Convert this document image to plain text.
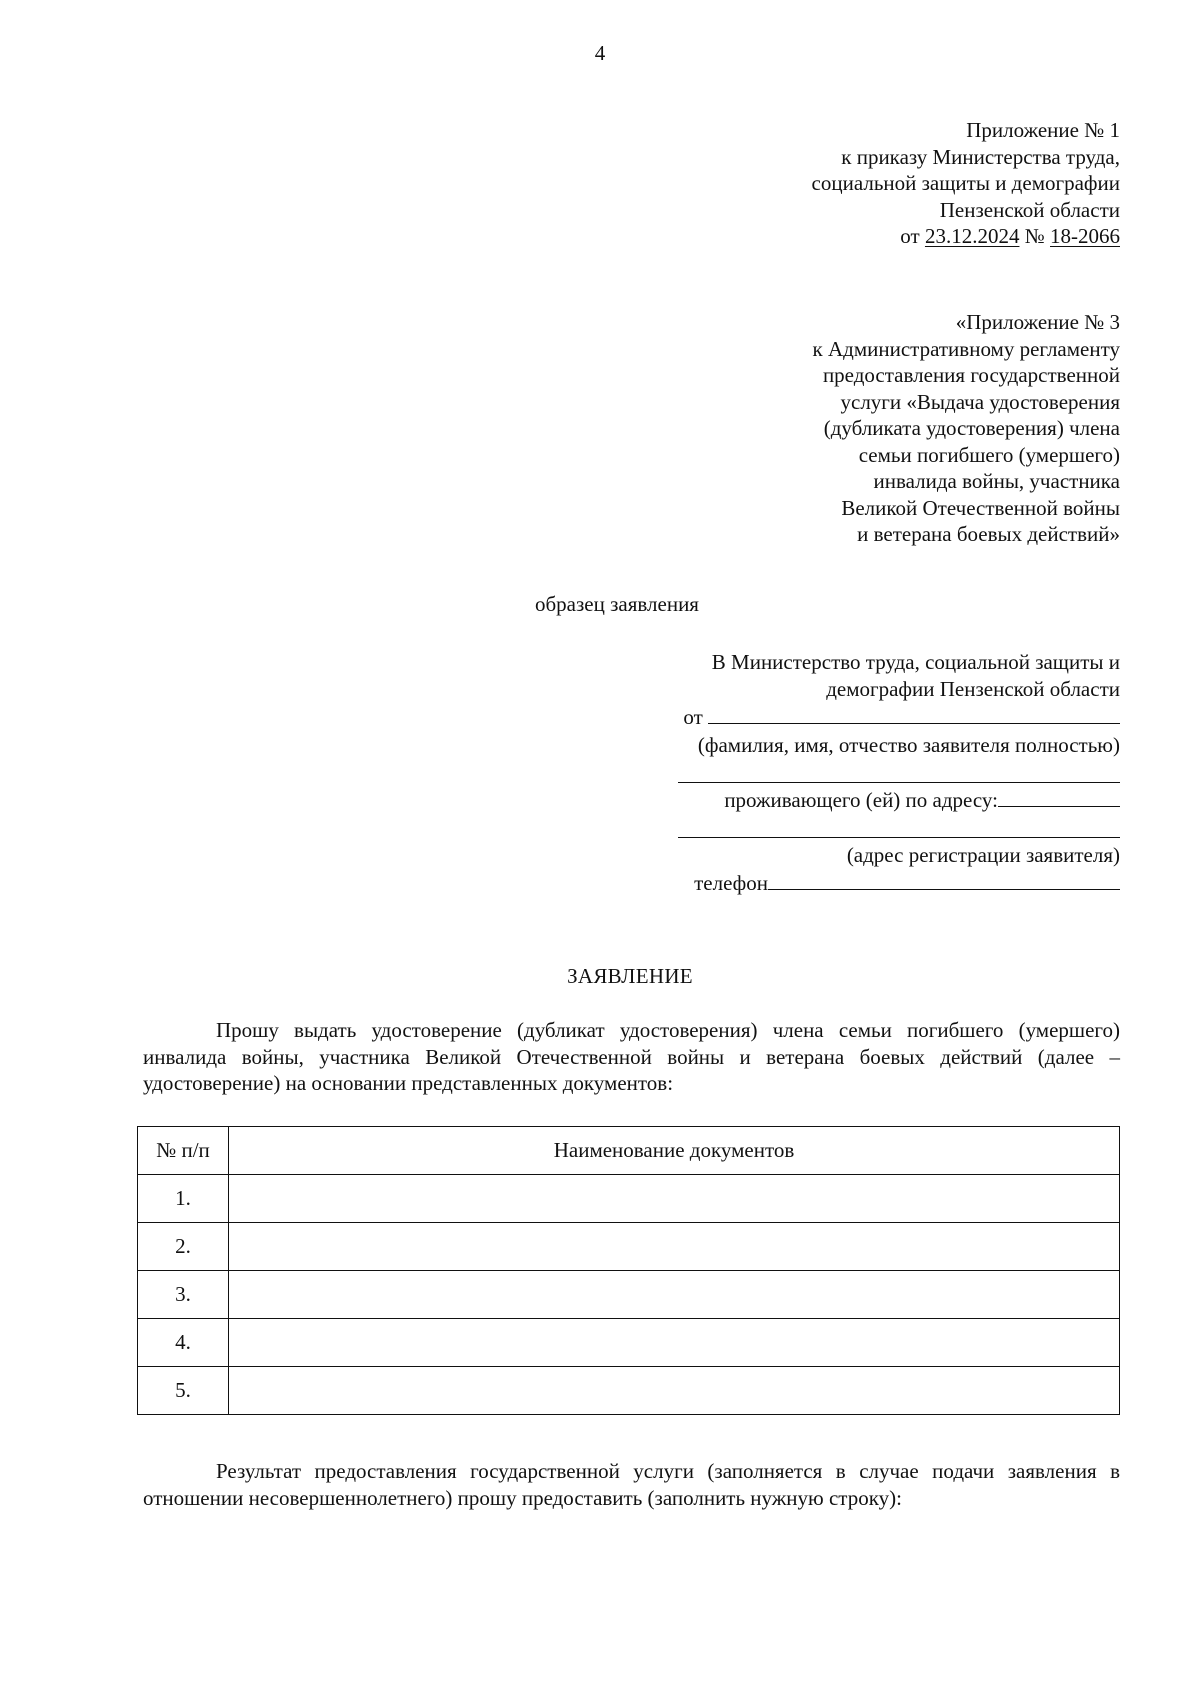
4
Приложение № 1
к приказу Министерства труда,
социальной защиты и демографии
Пензенской области
от 23.12.2024 № 18-2066
«Приложение № 3
к Административному регламенту
предоставления государственной
услуги «Выдача удостоверения
(дубликата удостоверения) члена
семьи погибшего (умершего)
инвалида войны, участника
Великой Отечественной войны
и ветерана боевых действий»
образец заявления
В Министерство труда, социальной защиты и
демографии Пензенской области
от
(фамилия, имя, отчество заявителя полностью)
проживающего (ей) по адресу:
(адрес регистрации заявителя)
телефон
ЗАЯВЛЕНИЕ
Прошу выдать удостоверение (дубликат удостоверения) члена семьи погибшего (умершего) инвалида войны, участника Великой Отечественной войны и ветерана боевых действий (далее – удостоверение) на основании представленных документов:
№ п/п	Наименование документов
1.	
2.	
3.	
4.	
5.	
Результат предоставления государственной услуги (заполняется в случае подачи заявления в отношении несовершеннолетнего) прошу предоставить (заполнить нужную строку):
